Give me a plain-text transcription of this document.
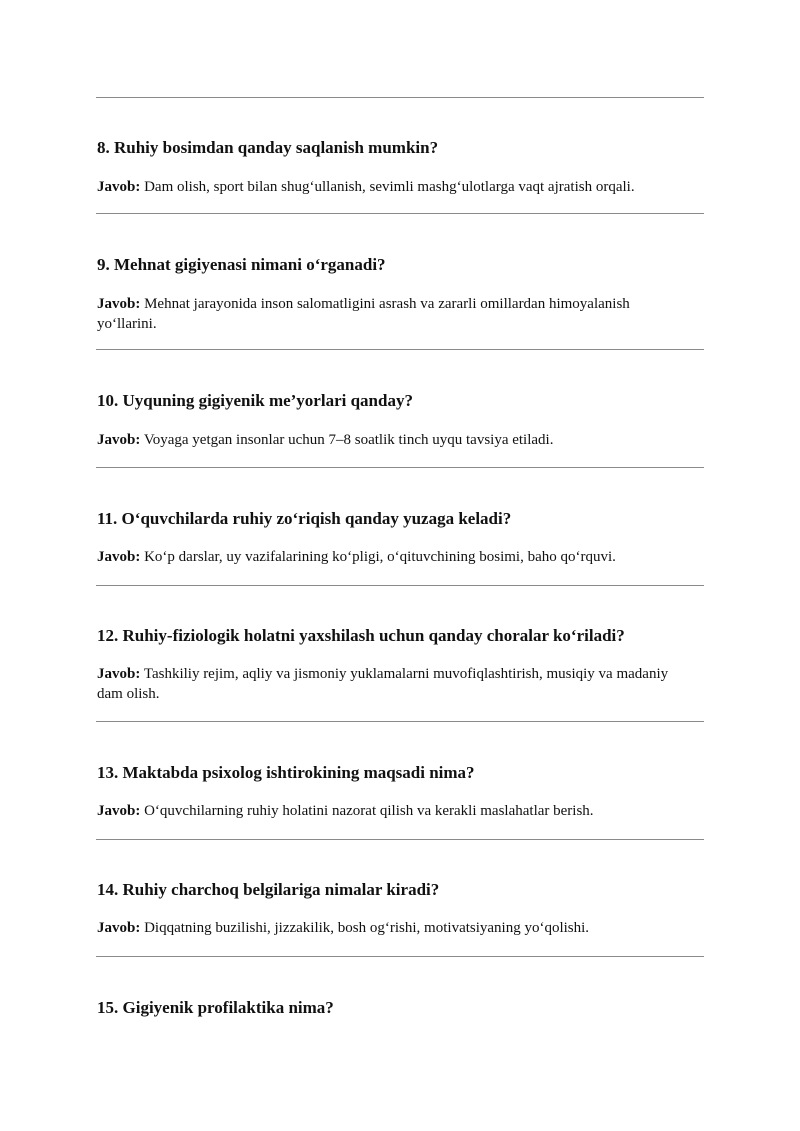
8. Ruhiy bosimdan qanday saqlanish mumkin?

Javob: Dam olish, sport bilan shug‘ullanish, sevimli mashg‘ulotlarga vaqt ajratish orqali.

9. Mehnat gigiyenasi nimani o‘rganadi?

Javob: Mehnat jarayonida inson salomatligini asrash va zararli omillardan himoyalanish yo‘llarini.

10. Uyquning gigiyenik me’yorlari qanday?

Javob: Voyaga yetgan insonlar uchun 7–8 soatlik tinch uyqu tavsiya etiladi.

11. O‘quvchilarda ruhiy zo‘riqish qanday yuzaga keladi?

Javob: Ko‘p darslar, uy vazifalarining ko‘pligi, o‘qituvchining bosimi, baho qo‘rquvi.

12. Ruhiy-fiziologik holatni yaxshilash uchun qanday choralar ko‘riladi?

Javob: Tashkiliy rejim, aqliy va jismoniy yuklamalarni muvofiqlashtirish, musiqiy va madaniy dam olish.

13. Maktabda psixolog ishtirokining maqsadi nima?

Javob: O‘quvchilarning ruhiy holatini nazorat qilish va kerakli maslahatlar berish.

14. Ruhiy charchoq belgilariga nimalar kiradi?

Javob: Diqqatning buzilishi, jizzakilik, bosh og‘rishi, motivatsiyaning yo‘qolishi.

15. Gigiyenik profilaktika nima?
